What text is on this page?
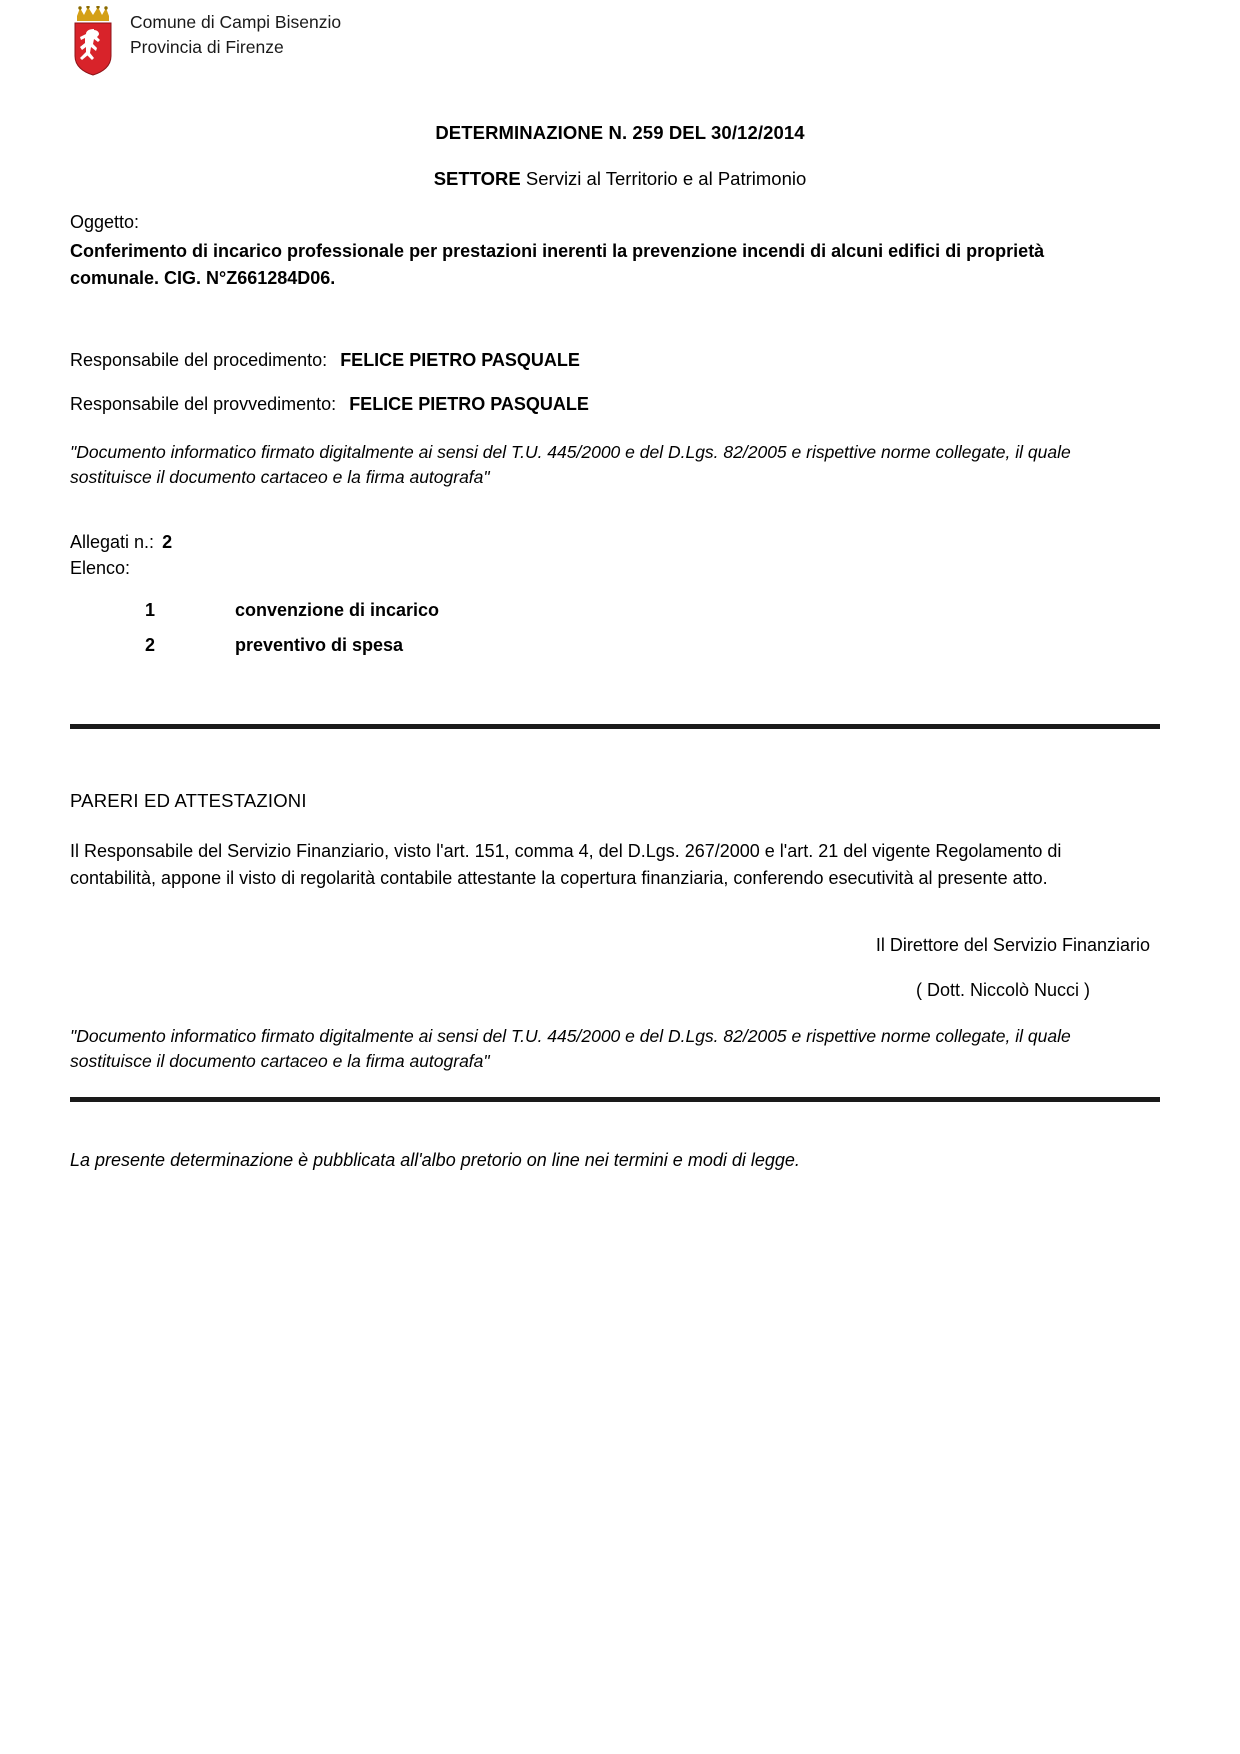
Comune di Campi Bisenzio
Provincia di Firenze
DETERMINAZIONE N. 259 DEL 30/12/2014
SETTORE Servizi al Territorio e al Patrimonio
Oggetto:
Conferimento di incarico professionale per prestazioni inerenti la prevenzione incendi di alcuni edifici di proprietà comunale. CIG. N°Z661284D06.
Responsabile del procedimento: FELICE PIETRO PASQUALE
Responsabile del provvedimento: FELICE PIETRO PASQUALE
"Documento informatico firmato digitalmente ai sensi del T.U. 445/2000 e del D.Lgs. 82/2005 e rispettive norme collegate, il quale sostituisce il documento cartaceo e la firma autografa"
Allegati n.: 2
Elenco:
1	convenzione di incarico
2	preventivo di spesa
PARERI ED ATTESTAZIONI
Il Responsabile del Servizio Finanziario, visto l'art. 151, comma 4, del D.Lgs. 267/2000 e l'art. 21 del vigente Regolamento di contabilità, appone il visto di regolarità contabile attestante la copertura finanziaria, conferendo esecutività al presente atto.
Il Direttore del Servizio Finanziario
( Dott. Niccolò Nucci )
"Documento informatico firmato digitalmente ai sensi del T.U. 445/2000 e del D.Lgs. 82/2005 e rispettive norme collegate, il quale sostituisce il documento cartaceo e la firma autografa"
La presente determinazione è pubblicata all'albo pretorio on line nei termini e modi di legge.
